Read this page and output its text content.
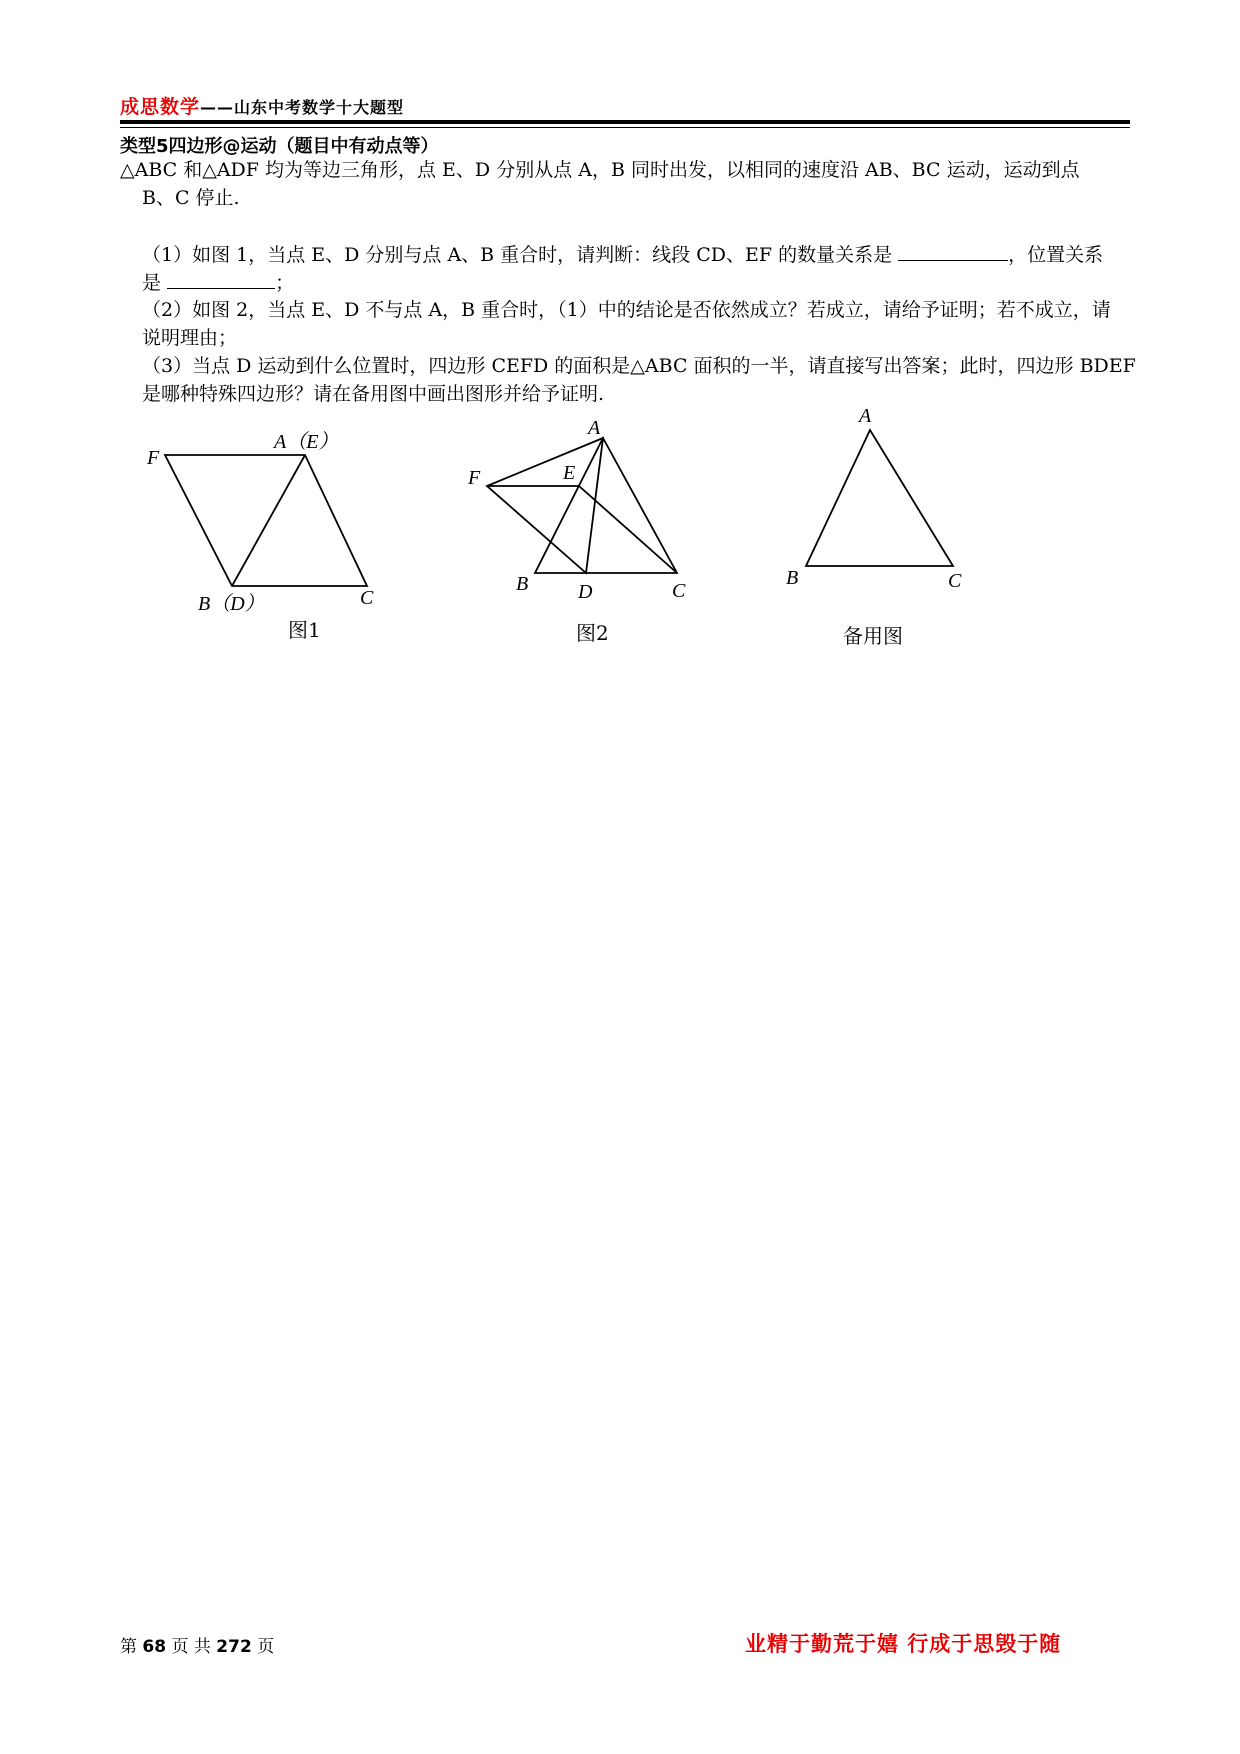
成思数学——山东中考数学十大题型
类型5四边形@运动（题目中有动点等）
△ABC 和△ADF 均为等边三角形，点 E、D 分别从点 A，B 同时出发，以相同的速度沿 AB、BC 运动，运动到点
B、C 停止.
（1）如图 1，当点 E、D 分别与点 A、B 重合时，请判断：线段 CD、EF 的数量关系是	，位置关系
是	；
（2）如图 2，当点 E、D 不与点 A，B 重合时，（1）中的结论是否依然成立？若成立，请给予证明；若不成立，请
说明理由；
（3）当点 D 运动到什么位置时，四边形 CEFD 的面积是△ABC 面积的一半，请直接写出答案；此时，四边形 BDEF
是哪种特殊四边形？请在备用图中画出图形并给予证明.
F
A（E）
B（D）	C
图1
A
F	E
B D	C
图2
A
B	C
备用图
第 68 页 共 272 页	业精于勤荒于嬉 行成于思毁于随
